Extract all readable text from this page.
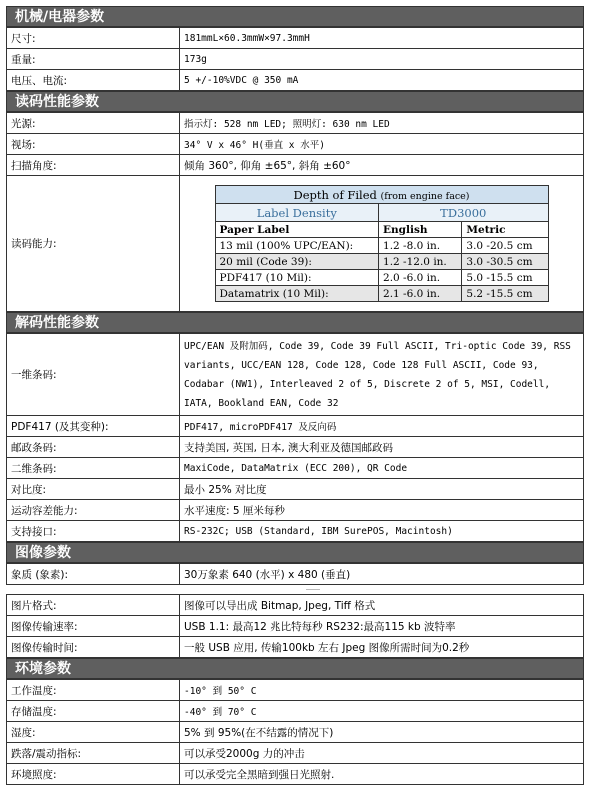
机械/电器参数
尺寸:	181mmL×60.3mmW×97.3mmH
重量:	173g
电压、电流:	5 +/-10%VDC @ 350 mA
读码性能参数
光源:	指示灯: 528 nm LED; 照明灯: 630 nm LED
视场:	34° V x 46° H(垂直 x 水平)
扫描角度:	倾角 360°, 仰角 ±65°, 斜角 ±60°
读码能力:	
Depth of Filed (from engine face)
Label Density	TD3000
Paper Label	English	Metric
13 mil (100% UPC/EAN):	1.2 -8.0 in.	3.0 -20.5 cm
20 mil (Code 39):	1.2 -12.0 in.	3.0 -30.5 cm
PDF417 (10 Mil):	2.0 -6.0 in.	5.0 -15.5 cm
Datamatrix (10 Mil):	2.1 -6.0 in.	5.2 -15.5 cm
解码性能参数
一维条码:	UPC/EAN 及附加码, Code 39, Code 39 Full ASCII, Tri-optic Code 39, RSS variants, UCC/EAN 128, Code 128, Code 128 Full ASCII, Code 93, Codabar (NW1), Interleaved 2 of 5, Discrete 2 of 5, MSI, Codell, IATA, Bookland EAN, Code 32
PDF417 (及其变种):	PDF417, microPDF417 及反向码
邮政条码:	支持美国, 英国, 日本, 澳大利亚及德国邮政码
二维条码:	MaxiCode, DataMatrix (ECC 200), QR Code
对比度:	最小 25% 对比度
运动容差能力:	水平速度: 5 厘米每秒
支持接口:	RS-232C; USB (Standard, IBM SurePOS, Macintosh)
图像参数
象质 (象素):	30万象素 640 (水平) x 480 (垂直)
图片格式:	图像可以导出成 Bitmap, Jpeg, Tiff 格式
图像传输速率:	USB 1.1: 最高12 兆比特每秒 RS232:最高115 kb 波特率
图像传输时间:	一般 USB 应用, 传输100kb 左右 Jpeg 图像所需时间为0.2秒
环境参数
工作温度:	-10° 到 50° C
存储温度:	-40° 到 70° C
湿度:	5% 到 95%(在不结露的情况下)
跌落/震动指标:	可以承受2000g 力的冲击
环境照度:	可以承受完全黑暗到强日光照射.
